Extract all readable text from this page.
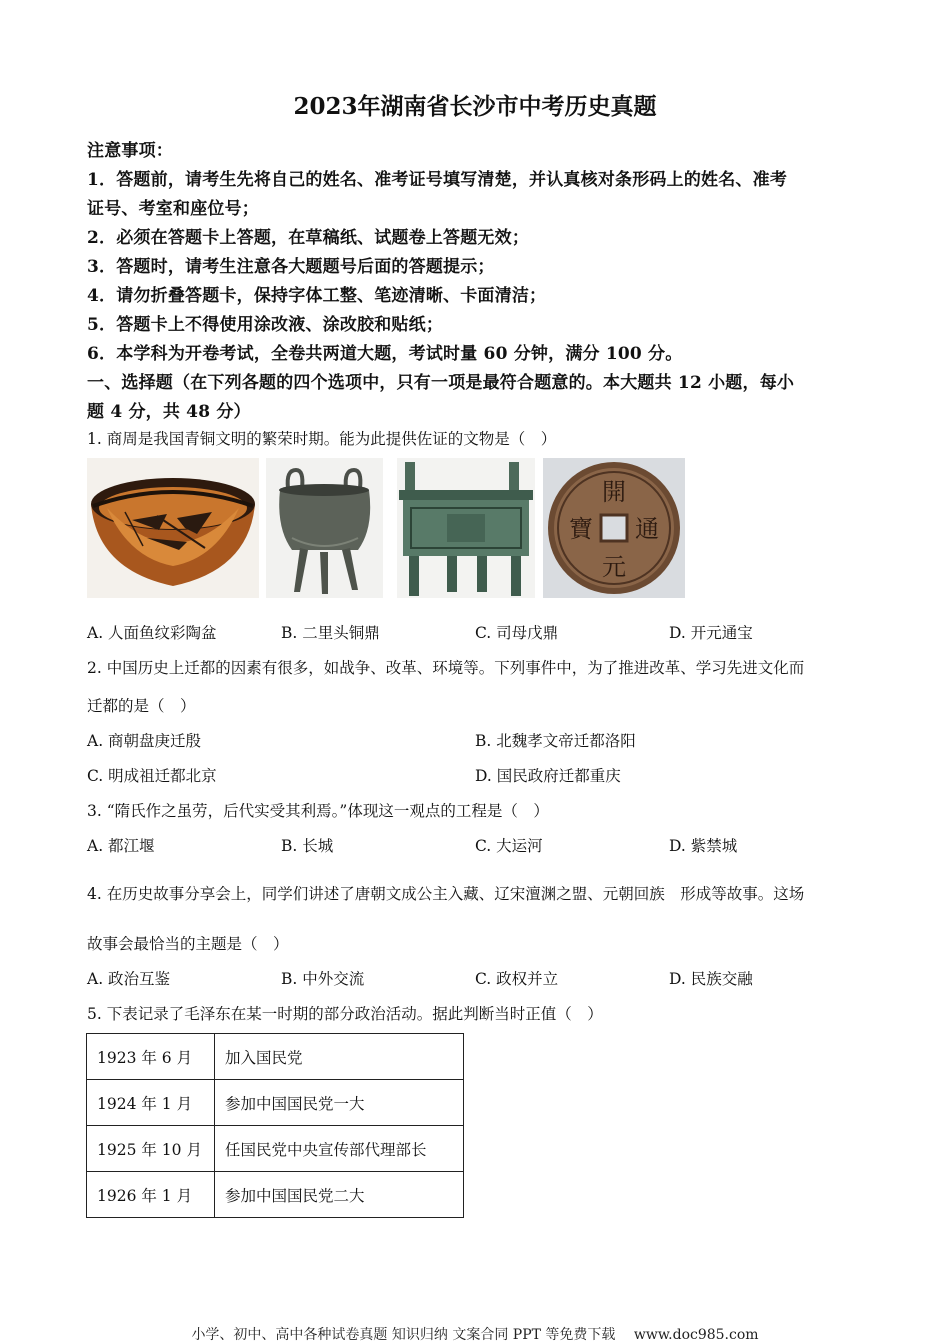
2023年湖南省长沙市中考历史真题
注意事项：
1．答题前，请考生先将自己的姓名、准考证号填写清楚，并认真核对条形码上的姓名、准考
证号、考室和座位号；
2．必须在答题卡上答题，在草稿纸、试题卷上答题无效；
3．答题时，请考生注意各大题题号后面的答题提示；
4．请勿折叠答题卡，保持字体工整、笔迹清晰、卡面清洁；
5．答题卡上不得使用涂改液、涂改胶和贴纸；
6．本学科为开卷考试，全卷共两道大题，考试时量 60 分钟，满分 100 分。
一、选择题（在下列各题的四个选项中，只有一项是最符合题意的。本大题共 12 小题，每小
题 4 分，共 48 分）
1. 商周是我国青铜文明的繁荣时期。能为此提供佐证的文物是（　）
開
通
元
寶
A. 人面鱼纹彩陶盆	B. 二里头铜鼎	C. 司母戊鼎	D. 开元通宝
2. 中国历史上迁都的因素有很多，如战争、改革、环境等。下列事件中，为了推进改革、学习先进文化而
迁都的是（　）
A. 商朝盘庚迁殷	B. 北魏孝文帝迁都洛阳
C. 明成祖迁都北京	D. 国民政府迁都重庆
3. “隋氏作之虽劳，后代实受其利焉。”体现这一观点的工程是（　）
A. 都江堰	B. 长城	C. 大运河	D. 紫禁城
4. 在历史故事分享会上，同学们讲述了唐朝文成公主入藏、辽宋澶渊之盟、元朝回族　形成等故事。这场
故事会最恰当的主题是（　）
A. 政治互鉴	B. 中外交流	C. 政权并立	D. 民族交融
5. 下表记录了毛泽东在某一时期的部分政治活动。据此判断当时正值（　）
1923 年 6 月	加入国民党
1924 年 1 月	参加中国国民党一大
1925 年 10 月	任国民党中央宣传部代理部长
1926 年 1 月	参加中国国民党二大
小学、初中、高中各种试卷真题 知识归纳 文案合同 PPT 等免费下载　 www.doc985.com
